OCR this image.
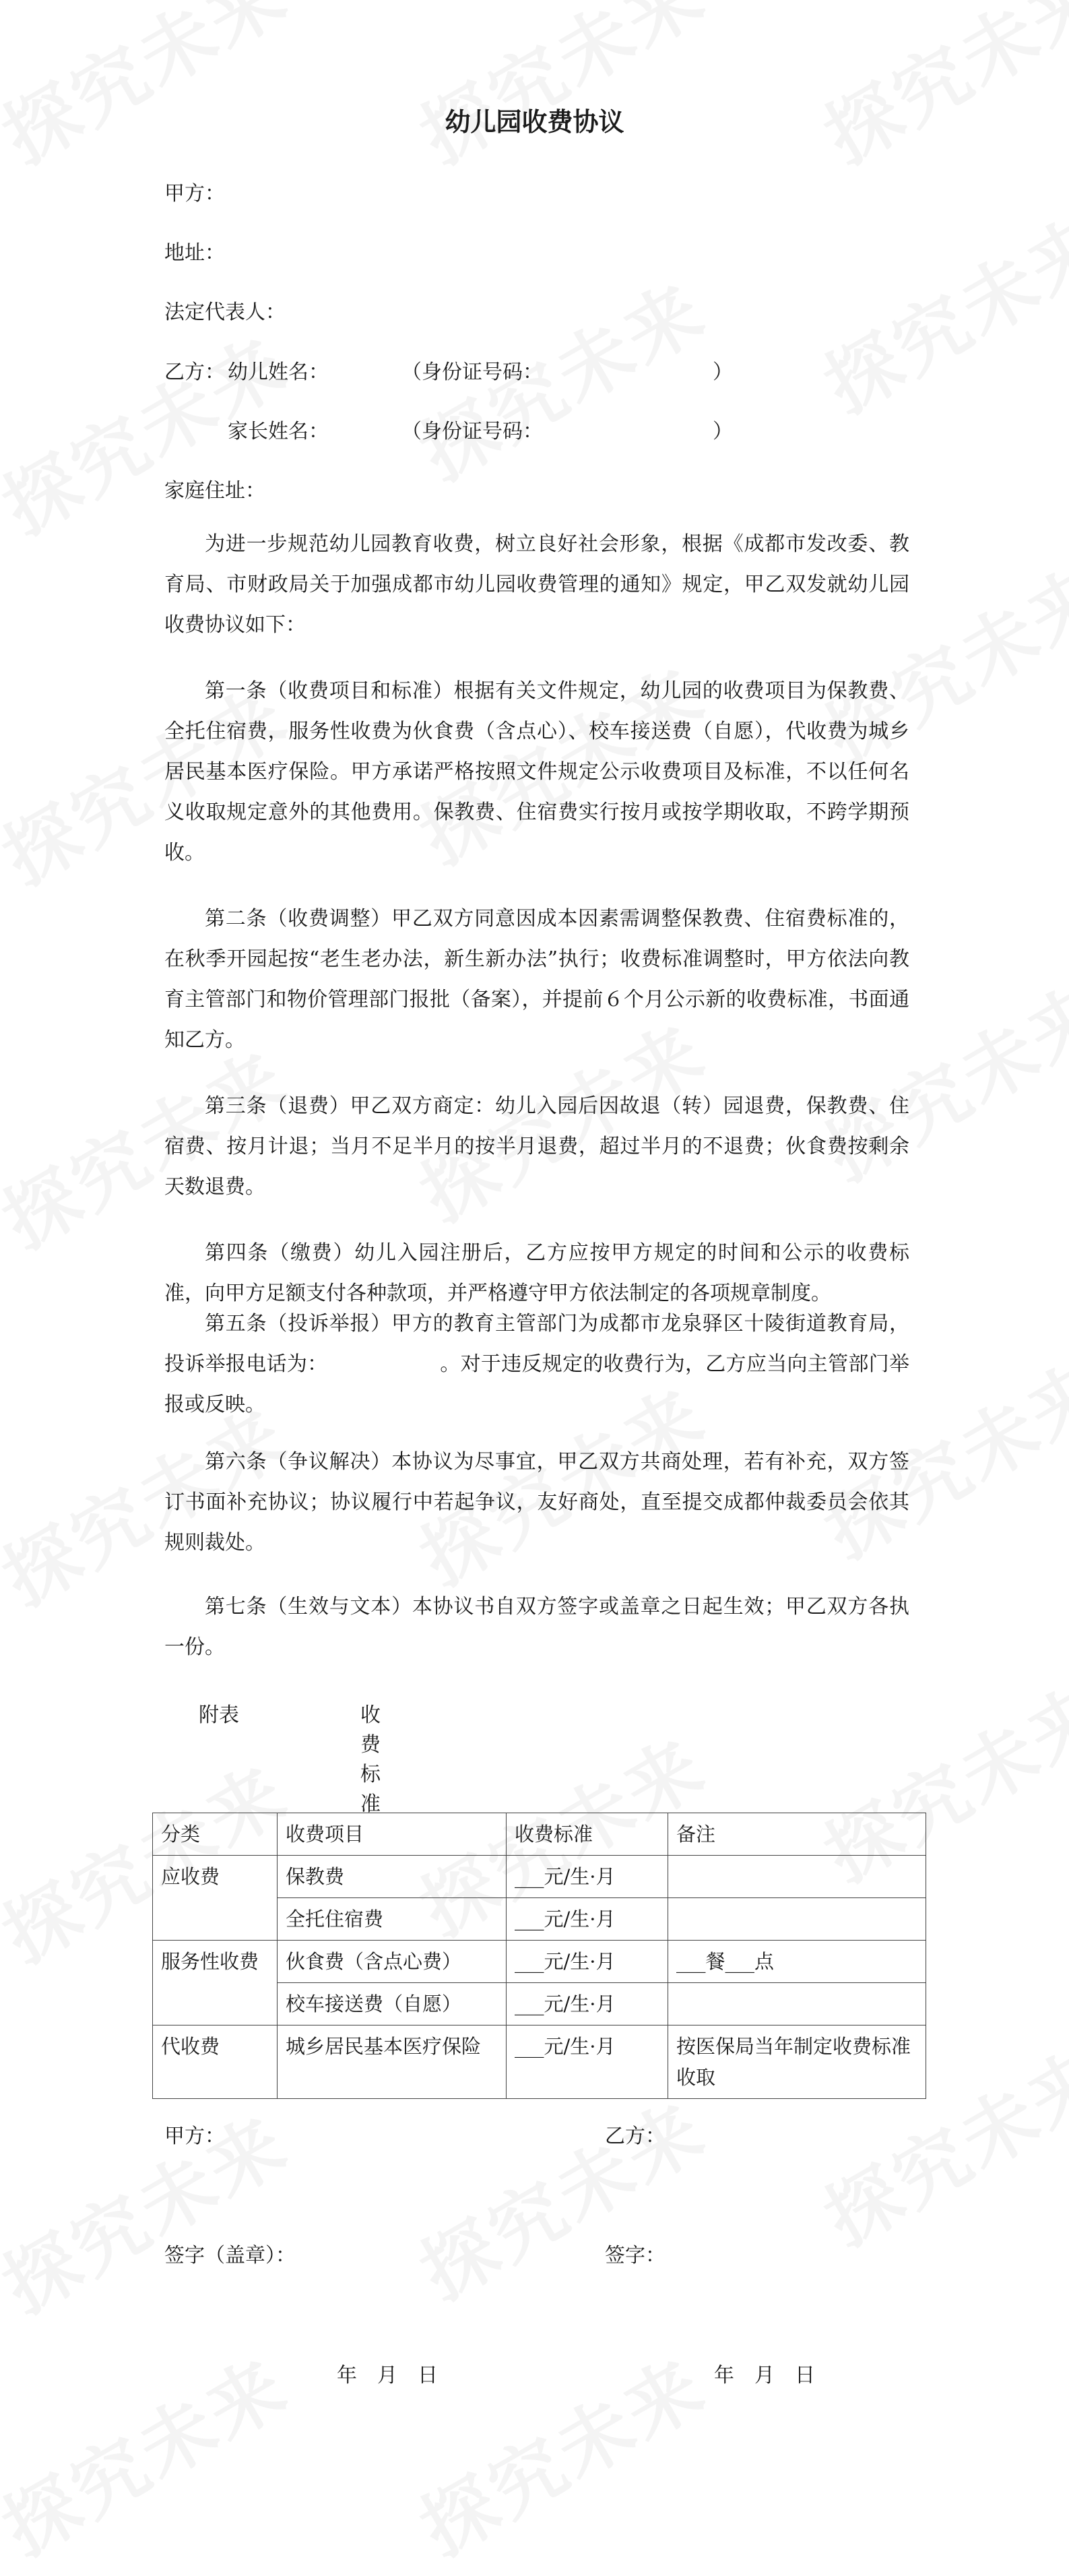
幼儿园收费协议
甲方：
地址：
法定代表人：
乙方： 幼儿姓名：	（身份证号码：	）
家长姓名：	（身份证号码：	）
家庭住址：
为进一步规范幼儿园教育收费，树立良好社会形象，根据《成都市发改委、教育局、市财政局关于加强成都市幼儿园收费管理的通知》规定，甲乙双发就幼儿园收费协议如下：
第一条（收费项目和标准）根据有关文件规定，幼儿园的收费项目为保教费、全托住宿费，服务性收费为伙食费（含点心）、校车接送费（自愿），代收费为城乡居民基本医疗保险。甲方承诺严格按照文件规定公示收费项目及标准，不以任何名义收取规定意外的其他费用。保教费、住宿费实行按月或按学期收取，不跨学期预收。
第二条（收费调整）甲乙双方同意因成本因素需调整保教费、住宿费标准的，在秋季开园起按“老生老办法，新生新办法”执行；收费标准调整时，甲方依法向教育主管部门和物价管理部门报批（备案），并提前６个月公示新的收费标准，书面通知乙方。
第三条（退费）甲乙双方商定：幼儿入园后因故退（转）园退费，保教费、住宿费、按月计退；当月不足半月的按半月退费，超过半月的不退费；伙食费按剩余天数退费。
第四条（缴费）幼儿入园注册后，乙方应按甲方规定的时间和公示的收费标准，向甲方足额支付各种款项，并严格遵守甲方依法制定的各项规章制度。
第五条（投诉举报）甲方的教育主管部门为成都市龙泉驿区十陵街道教育局，投诉举报电话为：　　　　　　。对于违反规定的收费行为，乙方应当向主管部门举报或反映。
第六条（争议解决）本协议为尽事宜，甲乙双方共商处理，若有补充，双方签订书面补充协议；协议履行中若起争议，友好商处，直至提交成都仲裁委员会依其规则裁处。
第七条（生效与文本）本协议书自双方签字或盖章之日起生效；甲乙双方各执一份。
附表	收费标准
分类	收费项目	收费标准	备注
应收费	保教费	___元/生·月	
	全托住宿费	___元/生·月	
服务性收费	伙食费（含点心费）	___元/生·月	___餐___点
	校车接送费（自愿）	___元/生·月	
代收费	城乡居民基本医疗保险	___元/生·月	按医保局当年制定收费标准收取
甲方：	乙方：
签字（盖章）：	签字：
年　月　日	年　月　日
